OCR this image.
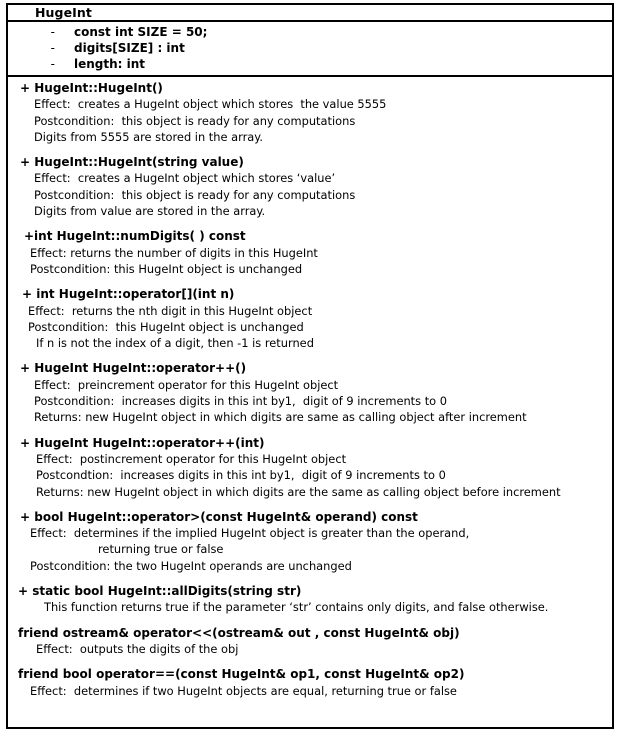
HugeInt
- const int SIZE = 50;
- digits[SIZE] : int
- length: int
+ HugeInt::HugeInt()
Effect:  creates a HugeInt object which stores  the value 5555
Postcondition:  this object is ready for any computations
Digits from 5555 are stored in the array.
+ HugeInt::HugeInt(string value)
Effect:  creates a HugeInt object which stores ‘value’
Postcondition:  this object is ready for any computations
Digits from value are stored in the array.
+int HugeInt::numDigits( ) const
Effect: returns the number of digits in this HugeInt
Postcondition: this HugeInt object is unchanged
+ int HugeInt::operator[](int n)
Effect:  returns the nth digit in this HugeInt object
Postcondition:  this HugeInt object is unchanged
If n is not the index of a digit, then -1 is returned
+ HugeInt HugeInt::operator++()
Effect:  preincrement operator for this HugeInt object
Postcondition:  increases digits in this int by1,  digit of 9 increments to 0
Returns: new HugeInt object in which digits are same as calling object after increment
+ HugeInt HugeInt::operator++(int)
Effect:  postincrement operator for this HugeInt object
Postcondtion:  increases digits in this int by1,  digit of 9 increments to 0
Returns: new HugeInt object in which digits are the same as calling object before increment
+ bool HugeInt::operator>(const HugeInt& operand) const
Effect:  determines if the implied HugeInt object is greater than the operand,
returning true or false
Postcondition: the two HugeInt operands are unchanged
+ static bool HugeInt::allDigits(string str)
This function returns true if the parameter ‘str’ contains only digits, and false otherwise.
friend ostream& operator<<(ostream& out , const HugeInt& obj)
Effect:  outputs the digits of the obj
friend bool operator==(const HugeInt& op1, const HugeInt& op2)
Effect:  determines if two HugeInt objects are equal, returning true or false
